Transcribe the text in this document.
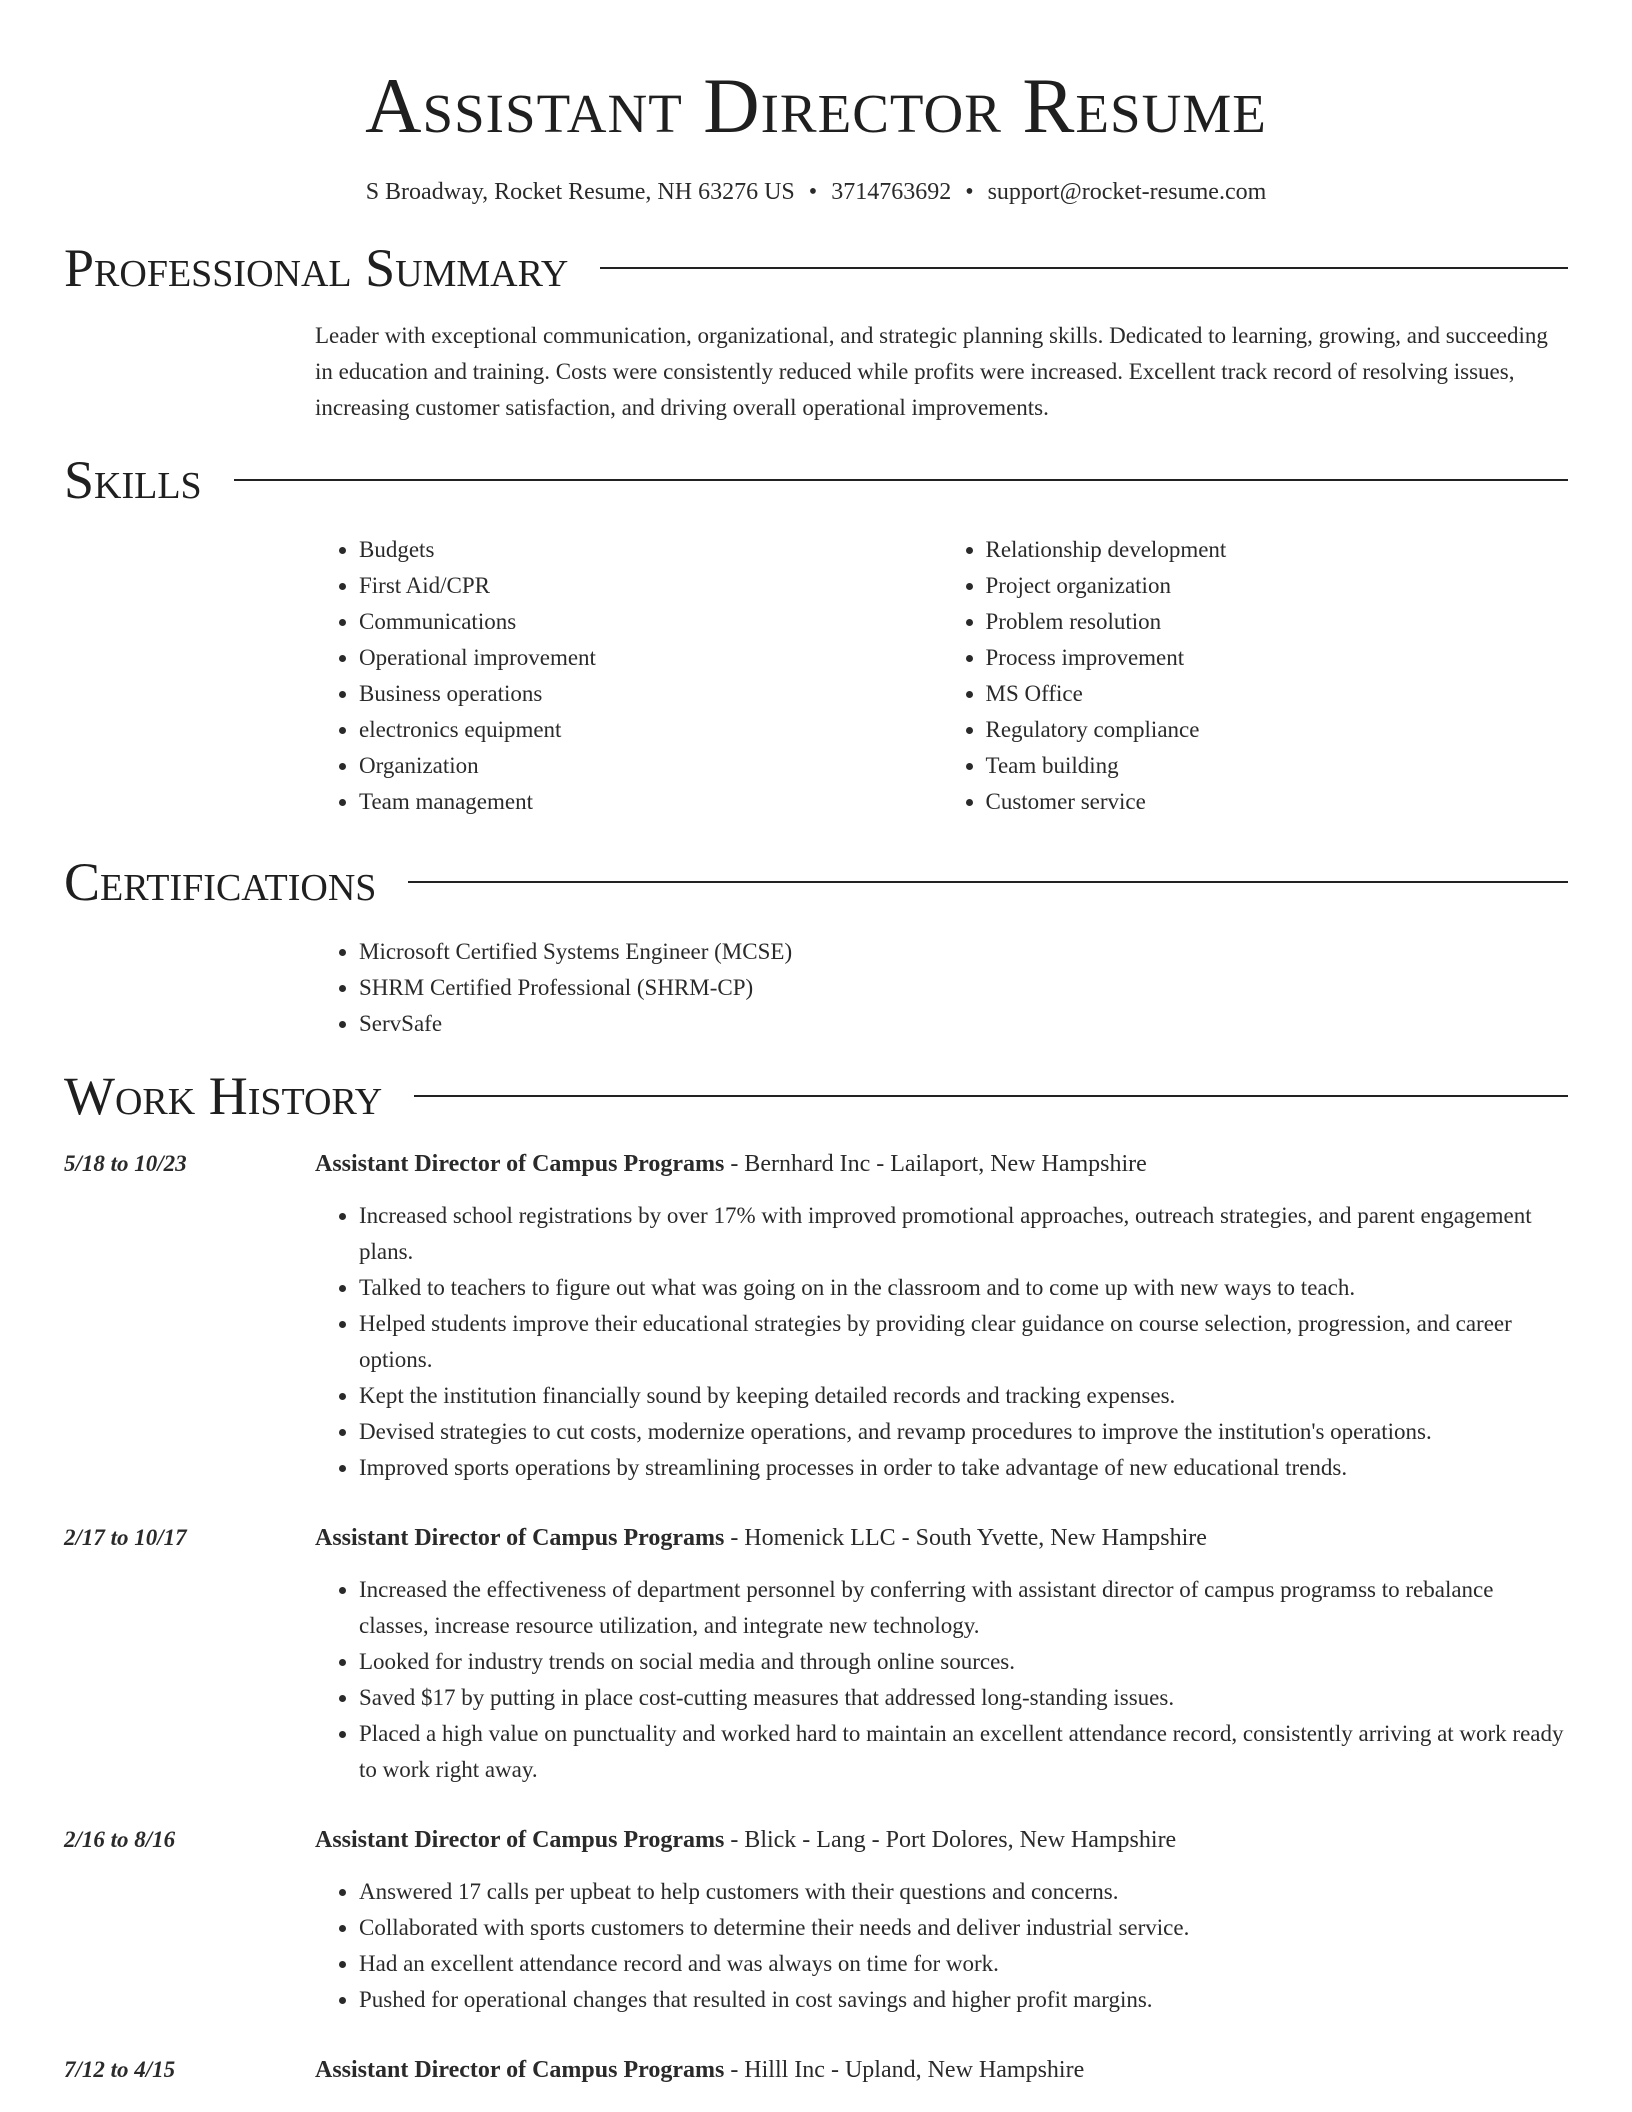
Assistant Director Resume
S Broadway, Rocket Resume, NH 63276 US • 3714763692 • support@rocket-resume.com
Professional Summary

Leader with exceptional communication, organizational, and strategic planning skills. Dedicated to learning, growing, and succeeding in education and training. Costs were consistently reduced while profits were increased. Excellent track record of resolving issues, increasing customer satisfaction, and driving overall operational improvements.

Skills
• Budgets
• First Aid/CPR
• Communications
• Operational improvement
• Business operations
• electronics equipment
• Organization
• Team management
• Relationship development
• Project organization
• Problem resolution
• Process improvement
• MS Office
• Regulatory compliance
• Team building
• Customer service
Certifications
• Microsoft Certified Systems Engineer (MCSE)
• SHRM Certified Professional (SHRM-CP)
• ServSafe
Work History
5/18 to 10/23	Assistant Director of Campus Programs - Bernhard Inc - Lailaport, New Hampshire
• Increased school registrations by over 17% with improved promotional approaches, outreach strategies, and parent engagement plans.
• Talked to teachers to figure out what was going on in the classroom and to come up with new ways to teach.
• Helped students improve their educational strategies by providing clear guidance on course selection, progression, and career options.
• Kept the institution financially sound by keeping detailed records and tracking expenses.
• Devised strategies to cut costs, modernize operations, and revamp procedures to improve the institution's operations.
• Improved sports operations by streamlining processes in order to take advantage of new educational trends.
2/17 to 10/17	Assistant Director of Campus Programs - Homenick LLC - South Yvette, New Hampshire
• Increased the effectiveness of department personnel by conferring with assistant director of campus programss to rebalance classes, increase resource utilization, and integrate new technology.
• Looked for industry trends on social media and through online sources.
• Saved $17 by putting in place cost-cutting measures that addressed long-standing issues.
• Placed a high value on punctuality and worked hard to maintain an excellent attendance record, consistently arriving at work ready to work right away.
2/16 to 8/16	Assistant Director of Campus Programs - Blick - Lang - Port Dolores, New Hampshire
• Answered 17 calls per upbeat to help customers with their questions and concerns.
• Collaborated with sports customers to determine their needs and deliver industrial service.
• Had an excellent attendance record and was always on time for work.
• Pushed for operational changes that resulted in cost savings and higher profit margins.
7/12 to 4/15	Assistant Director of Campus Programs - Hilll Inc - Upland, New Hampshire
